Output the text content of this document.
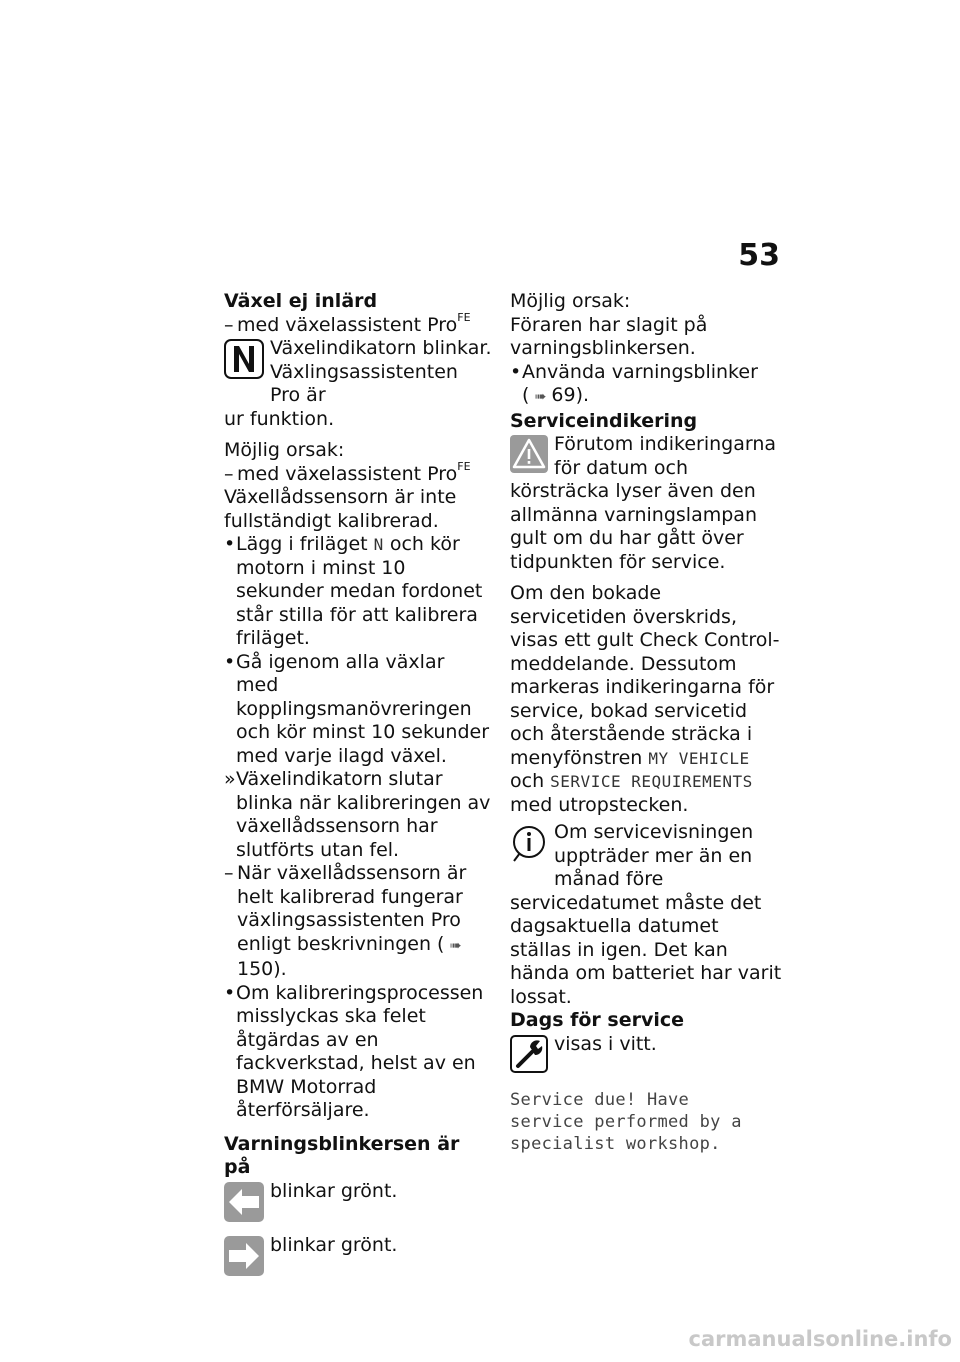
53

Växel ej inlärd

– med växelassistent Pro$^{FE}$

Växelindikatorn blinkar.

Växlingsassistenten Pro är

ur funktion.

Möjlig orsak:

– med växelassistent Pro$^{FE}$

Växellådssensorn är inte fullständigt kalibrerad.

• Lägg i friläget N och kör motorn i minst 10 sekunder medan fordonet står stilla för att kalibrera friläget.

• Gå igenom alla växlar med kopplingsmanövreringen och kör minst 10 sekunder med varje ilagd växel.

» Växelindikatorn slutar blinka när kalibreringen av växellådssensorn har slutförts utan fel.

– När växellådssensorn är helt kalibrerad fungerar växlingsassistenten Pro enligt beskrivningen ( ➠150).

• Om kalibreringsprocessen misslyckas ska felet åtgärdas av en fackverkstad, helst av en BMW Motorrad återförsäljare.

Varningsblinkersen är på

blinkar grönt.

blinkar grönt.

Möjlig orsak:

Föraren har slagit på varningsblinkersen.

• Använda varningsblinker
( ➠ 69).

Serviceindikering

Förutom indikeringarna för datum och körsträcka lyser även den allmänna varningslampan gult om du har gått över tidpunkten för service.

Om den bokade servicetiden överskrids, visas ett gult Check Control-meddelande. Dessutom markeras indikeringarna för service, bokad servicetid och återstående sträcka i menyfönstren MY VEHICLE och SERVICE REQUIREMENTS med utropstecken.

Om servicevisningen uppträder mer än en månad före servicedatumet måste det dagsaktuella datumet ställas in igen. Det kan hända om batteriet har varit lossat.

Dags för service

visas i vitt.

Service due! Have
service performed by a
specialist workshop.
carmanualsonline.info
